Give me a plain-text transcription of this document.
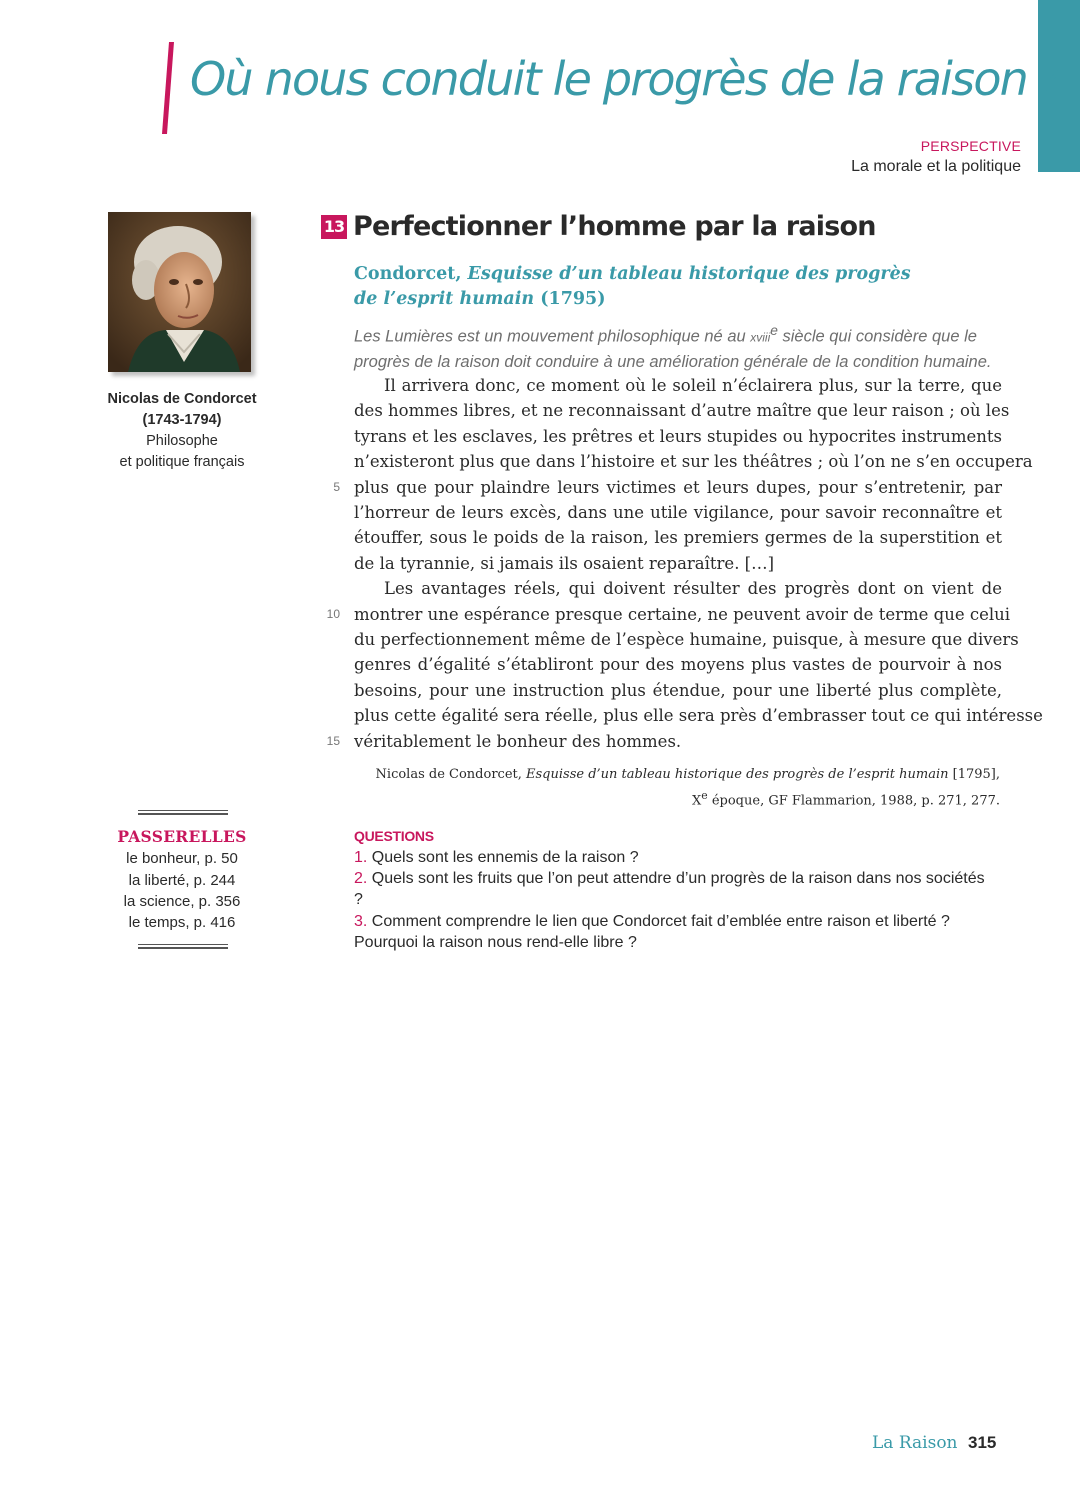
Où nous conduit le progrès de la raison ?
PERSPECTIVE
La morale et la politique
Nicolas de Condorcet
(1743-1794)
Philosophe
et politique français
13 Perfectionner l’homme par la raison

Condorcet, Esquisse d’un tableau historique des progrès
de l’esprit humain (1795)

Les Lumières est un mouvement philosophique né au xviii$^e$ siècle qui considère que le
progrès de la raison doit conduire à une amélioration générale de la condition humaine.

Il arrivera donc, ce moment où le soleil n’éclairera plus, sur la terre, que
des hommes libres, et ne reconnaissant d’autre maître que leur raison ; où les
tyrans et les esclaves, les prêtres et leurs stupides ou hypocrites instruments
n’existeront plus que dans l’histoire et sur les théâtres ; où l’on ne s’en occupera
plus que pour plaindre leurs victimes et leurs dupes, pour s’entretenir, par
l’horreur de leurs excès, dans une utile vigilance, pour savoir reconnaître et
étouffer, sous le poids de la raison, les premiers germes de la superstition et
de la tyrannie, si jamais ils osaient reparaître. […]
Les avantages réels, qui doivent résulter des progrès dont on vient de
montrer une espérance presque certaine, ne peuvent avoir de terme que celui
du perfectionnement même de l’espèce humaine, puisque, à mesure que divers
genres d’égalité s’établiront pour des moyens plus vastes de pourvoir à nos
besoins, pour une instruction plus étendue, pour une liberté plus complète,
plus cette égalité sera réelle, plus elle sera près d’embrasser tout ce qui intéresse
véritablement le bonheur des hommes.
5
10
15
Nicolas de Condorcet, Esquisse d’un tableau historique des progrès de l’esprit humain [1795],
Xe époque, GF Flammarion, 1988, p. 271, 277.
PASSERELLES
le bonheur, p. 50
la liberté, p. 244
la science, p. 356
le temps, p. 416
QUESTIONS
1. Quels sont les ennemis de la raison ?
2. Quels sont les fruits que l’on peut attendre d’un progrès de la raison dans nos sociétés ?
3. Comment comprendre le lien que Condorcet fait d’emblée entre raison et liberté ? Pourquoi la raison nous rend-elle libre ?
La Raison 315
